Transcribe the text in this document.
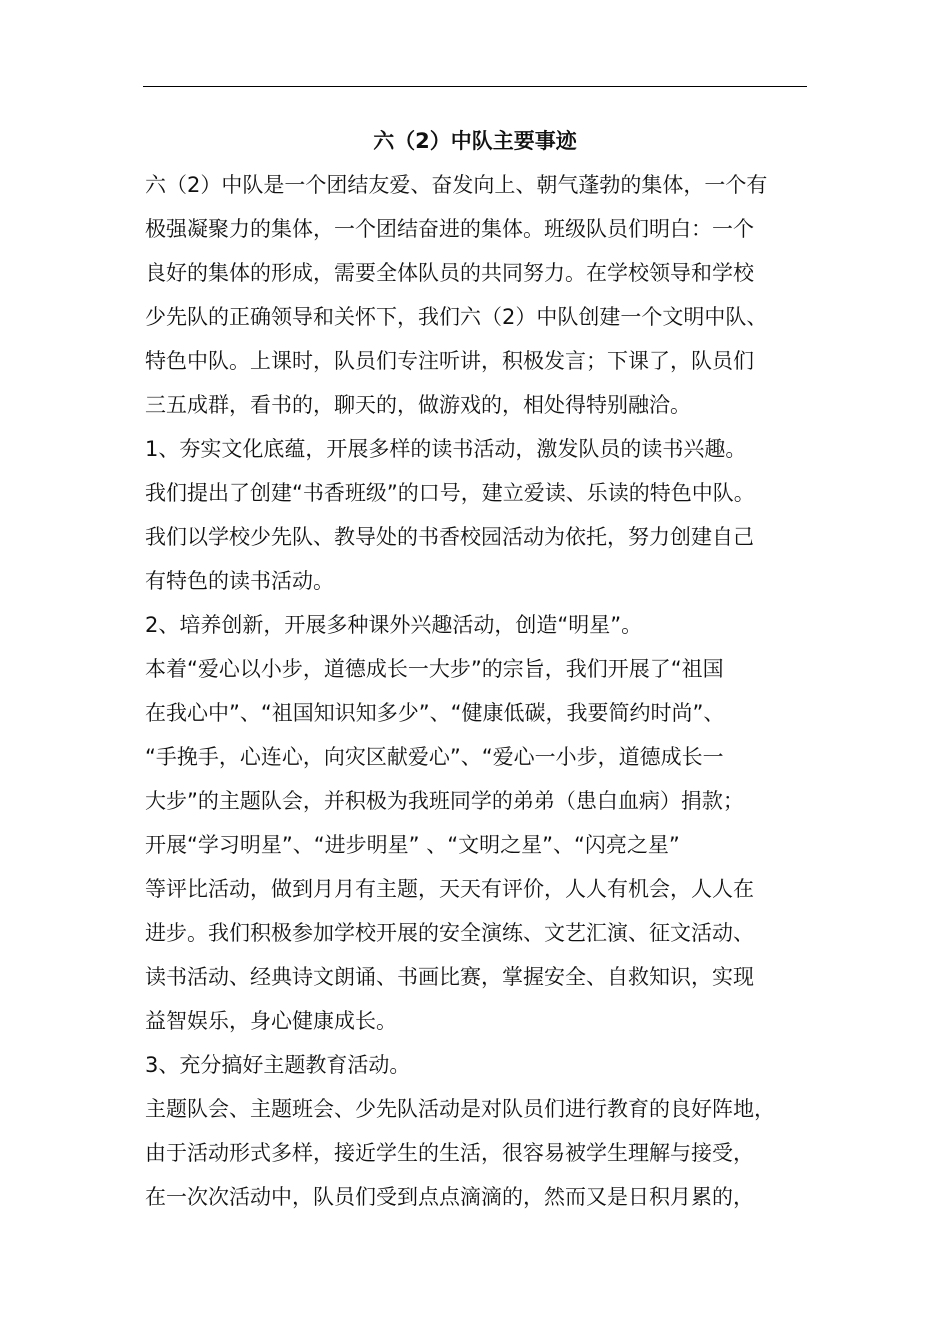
六（2）中队主要事迹
六（2）中队是一个团结友爱、奋发向上、朝气蓬勃的集体，一个有
极强凝聚力的集体，一个团结奋进的集体。班级队员们明白：一个
良好的集体的形成，需要全体队员的共同努力。在学校领导和学校
少先队的正确领导和关怀下，我们六（2）中队创建一个文明中队、
特色中队。上课时，队员们专注听讲，积极发言；下课了，队员们
三五成群，看书的，聊天的，做游戏的，相处得特别融洽。
1、夯实文化底蕴，开展多样的读书活动，激发队员的读书兴趣。
我们提出了创建“书香班级”的口号，建立爱读、乐读的特色中队。
我们以学校少先队、教导处的书香校园活动为依托，努力创建自己
有特色的读书活动。
2、培养创新，开展多种课外兴趣活动，创造“明星”。
本着“爱心以小步，道德成长一大步”的宗旨，我们开展了“祖国
在我心中”、“祖国知识知多少”、“健康低碳，我要简约时尚”、
“手挽手，心连心，向灾区献爱心”、“爱心一小步，道德成长一
大步”的主题队会，并积极为我班同学的弟弟（患白血病）捐款；
开展“学习明星”、“进步明星” 、“文明之星”、“闪亮之星”
等评比活动，做到月月有主题，天天有评价，人人有机会，人人在
进步。我们积极参加学校开展的安全演练、文艺汇演、征文活动、
读书活动、经典诗文朗诵、书画比赛，掌握安全、自救知识，实现
益智娱乐，身心健康成长。
3、充分搞好主题教育活动。
主题队会、主题班会、少先队活动是对队员们进行教育的良好阵地，
由于活动形式多样，接近学生的生活，很容易被学生理解与接受，
在一次次活动中，队员们受到点点滴滴的，然而又是日积月累的，
